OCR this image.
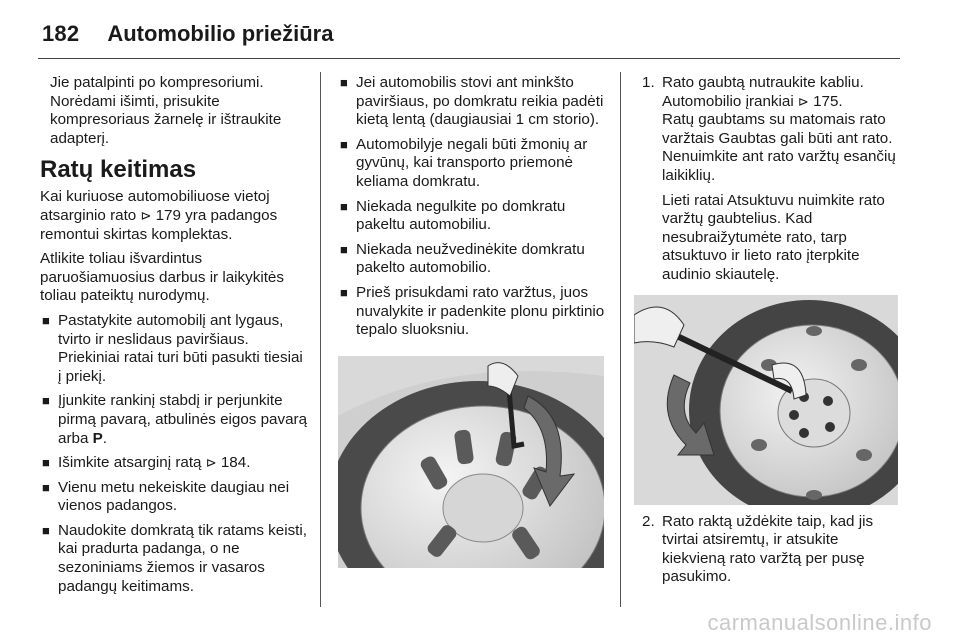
182 Automobilio priežiūra

Jie patalpinti po kompresoriumi. Norėdami išimti, prisukite kompresoriaus žarnelę ir ištraukite adapterį.

Ratų keitimas

Kai kuriuose automobiliuose vietoj atsarginio rato ⊳ 179 yra padangos remontui skirtas komplektas.

Atlikite toliau išvardintus paruošiamuosius darbus ir laikykitės toliau pateiktų nurodymų.

■ Pastatykite automobilį ant lygaus, tvirto ir neslidaus paviršiaus. Priekiniai ratai turi būti pasukti tiesiai į priekį.
■ Įjunkite rankinį stabdį ir perjunkite pirmą pavarą, atbulinės eigos pavarą arba P.
■ Išimkite atsarginį ratą ⊳ 184.
■ Vienu metu nekeiskite daugiau nei vienos padangos.
■ Naudokite domkratą tik ratams keisti, kai pradurta padanga, o ne sezoniniams žiemos ir vasaros padangų keitimams.
■ Jei automobilis stovi ant minkšto paviršiaus, po domkratu reikia padėti kietą lentą (daugiausiai 1 cm storio).
■ Automobilyje negali būti žmonių ar gyvūnų, kai transporto priemonė keliama domkratu.
■ Niekada negulkite po domkratu pakeltu automobiliu.
■ Niekada neužvedinėkite domkratu pakelto automobilio.
■ Prieš prisukdami rato varžtus, juos nuvalykite ir padenkite plonu pirktinio tepalo sluoksniu.
1. Rato gaubtą nutraukite kabliu. Automobilio įrankiai ⊳ 175.

Ratų gaubtams su matomais rato varžtais Gaubtas gali būti ant rato. Nenuimkite ant rato varžtų esančių laikiklių.

Lieti ratai Atsuktuvu nuimkite rato varžtų gaubtelius. Kad nesubraižytumėte rato, tarp atsuktuvo ir lieto rato įterpkite audinio skiautelę.

2. Rato raktą uždėkite taip, kad jis tvirtai atsiremtų, ir atsukite kiekvieną rato varžtą per pusę pasukimo.
carmanualsonline.info
